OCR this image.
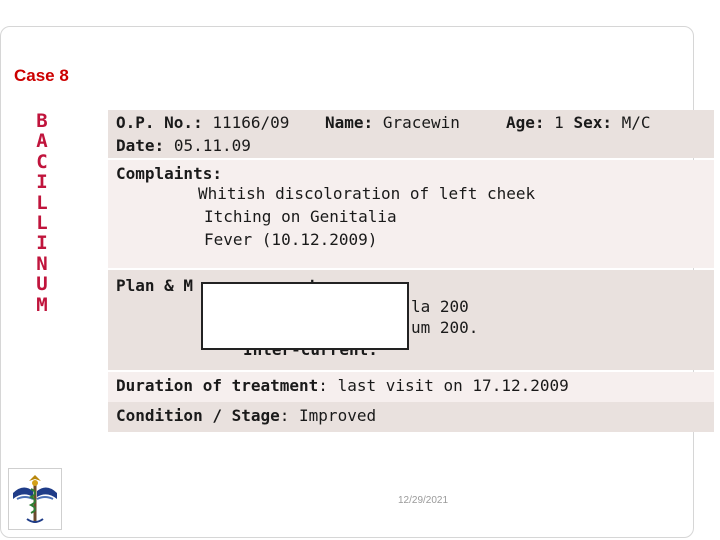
Case 8
B
A
C
I
L
L
I
N
U
M
O.P. No.: 11166/09 Name: Gracewin	Age: 1 Sex: M/C
Date: 05.11.09
Complaints:
Whitish discoloration of left cheek
Itching on Genitalia
Fever (10.12.2009)
Plan & M
la 200
um 200.
Duration of treatment: last visit on 17.12.2009
Condition / Stage: Improved
12/29/2021
